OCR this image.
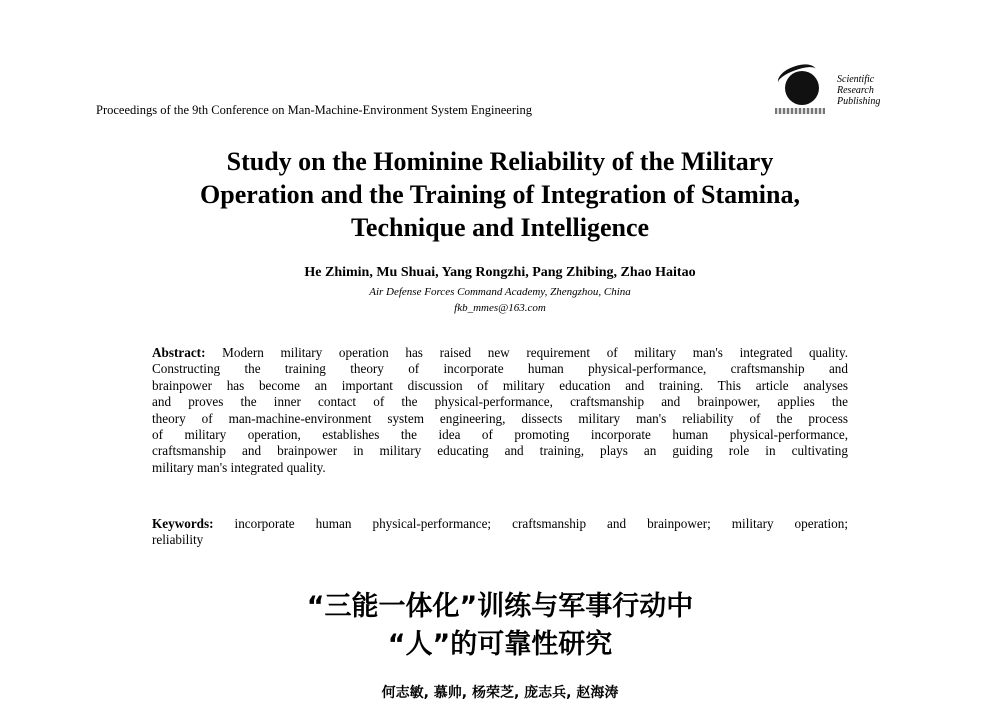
Proceedings of the 9th Conference on Man-Machine-Environment System Engineering
Scientific
Research
Publishing
Study on the Hominine Reliability of the Military
Operation and the Training of Integration of Stamina,
Technique and Intelligence
He Zhimin, Mu Shuai, Yang Rongzhi, Pang Zhibing, Zhao Haitao
Air Defense Forces Command Academy, Zhengzhou, China
fkb_mmes@163.com
Abstract: Modern military operation has raised new requirement of military man's integrated quality.
Constructing the training theory of incorporate human physical-performance, craftsmanship and
brainpower has become an important discussion of military education and training. This article analyses
and proves the inner contact of the physical-performance, craftsmanship and brainpower, applies the
theory of man-machine-environment system engineering, dissects military man's reliability of the process
of military operation, establishes the idea of promoting incorporate human physical-performance,
craftsmanship and brainpower in military educating and training, plays an guiding role in cultivating
military man's integrated quality.
Keywords: incorporate human physical-performance; craftsmanship and brainpower; military operation;
reliability
“三能一体化”训练与军事行动中
“人”的可靠性研究
何志敏, 慕帅, 杨荣芝, 庞志兵, 赵海涛
